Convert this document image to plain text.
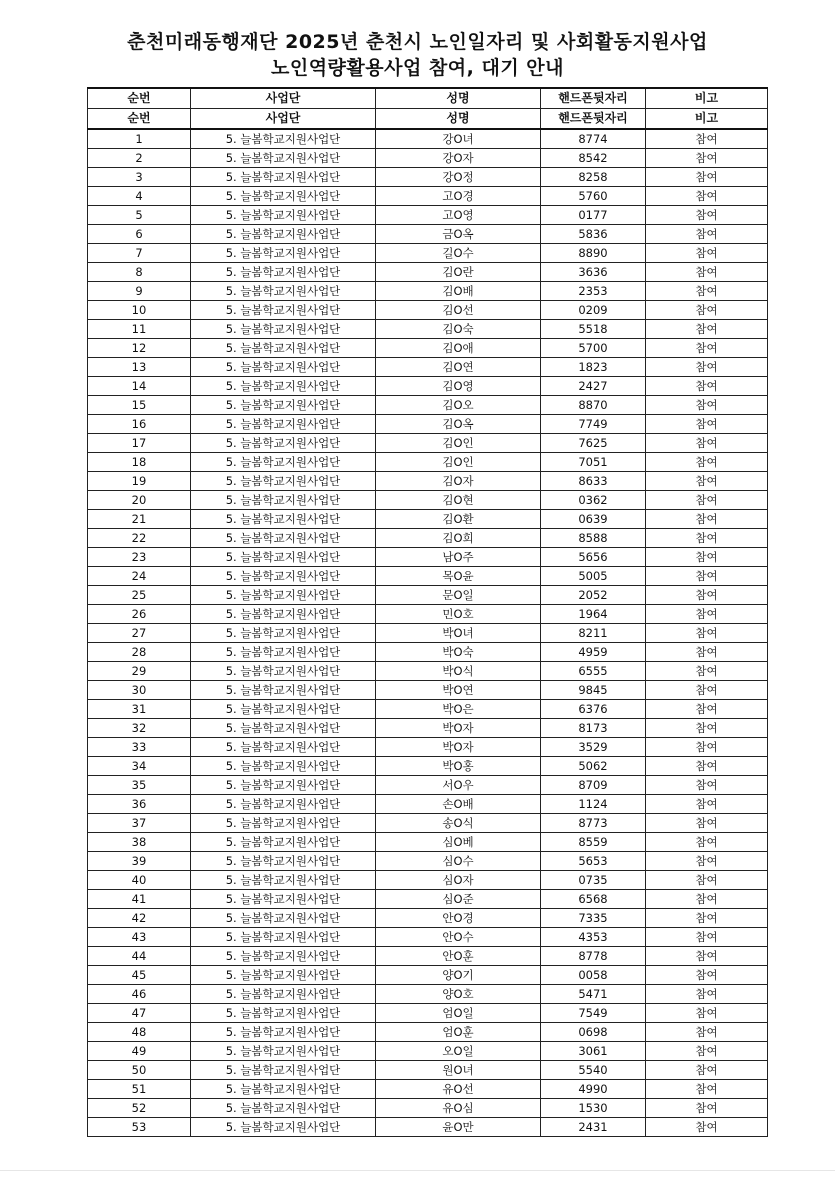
춘천미래동행재단 2025년 춘천시 노인일자리 및 사회활동지원사업
노인역량활용사업 참여, 대기 안내
순번	사업단	성명	핸드폰뒷자리	비고
순번	사업단	성명	핸드폰뒷자리	비고
1	5. 늘봄학교지원사업단	강O녀	8774	참여
2	5. 늘봄학교지원사업단	강O자	8542	참여
3	5. 늘봄학교지원사업단	강O정	8258	참여
4	5. 늘봄학교지원사업단	고O경	5760	참여
5	5. 늘봄학교지원사업단	고O영	0177	참여
6	5. 늘봄학교지원사업단	금O옥	5836	참여
7	5. 늘봄학교지원사업단	길O수	8890	참여
8	5. 늘봄학교지원사업단	김O란	3636	참여
9	5. 늘봄학교지원사업단	김O배	2353	참여
10	5. 늘봄학교지원사업단	김O선	0209	참여
11	5. 늘봄학교지원사업단	김O숙	5518	참여
12	5. 늘봄학교지원사업단	김O애	5700	참여
13	5. 늘봄학교지원사업단	김O연	1823	참여
14	5. 늘봄학교지원사업단	김O영	2427	참여
15	5. 늘봄학교지원사업단	김O오	8870	참여
16	5. 늘봄학교지원사업단	김O옥	7749	참여
17	5. 늘봄학교지원사업단	김O인	7625	참여
18	5. 늘봄학교지원사업단	김O인	7051	참여
19	5. 늘봄학교지원사업단	김O자	8633	참여
20	5. 늘봄학교지원사업단	김O현	0362	참여
21	5. 늘봄학교지원사업단	김O환	0639	참여
22	5. 늘봄학교지원사업단	김O희	8588	참여
23	5. 늘봄학교지원사업단	남O주	5656	참여
24	5. 늘봄학교지원사업단	목O윤	5005	참여
25	5. 늘봄학교지원사업단	문O일	2052	참여
26	5. 늘봄학교지원사업단	민O호	1964	참여
27	5. 늘봄학교지원사업단	박O녀	8211	참여
28	5. 늘봄학교지원사업단	박O숙	4959	참여
29	5. 늘봄학교지원사업단	박O식	6555	참여
30	5. 늘봄학교지원사업단	박O연	9845	참여
31	5. 늘봄학교지원사업단	박O은	6376	참여
32	5. 늘봄학교지원사업단	박O자	8173	참여
33	5. 늘봄학교지원사업단	박O자	3529	참여
34	5. 늘봄학교지원사업단	박O홍	5062	참여
35	5. 늘봄학교지원사업단	서O우	8709	참여
36	5. 늘봄학교지원사업단	손O배	1124	참여
37	5. 늘봄학교지원사업단	송O식	8773	참여
38	5. 늘봄학교지원사업단	심O베	8559	참여
39	5. 늘봄학교지원사업단	심O수	5653	참여
40	5. 늘봄학교지원사업단	심O자	0735	참여
41	5. 늘봄학교지원사업단	심O준	6568	참여
42	5. 늘봄학교지원사업단	안O경	7335	참여
43	5. 늘봄학교지원사업단	안O수	4353	참여
44	5. 늘봄학교지원사업단	안O훈	8778	참여
45	5. 늘봄학교지원사업단	양O기	0058	참여
46	5. 늘봄학교지원사업단	양O호	5471	참여
47	5. 늘봄학교지원사업단	엄O일	7549	참여
48	5. 늘봄학교지원사업단	엄O훈	0698	참여
49	5. 늘봄학교지원사업단	오O일	3061	참여
50	5. 늘봄학교지원사업단	원O녀	5540	참여
51	5. 늘봄학교지원사업단	유O선	4990	참여
52	5. 늘봄학교지원사업단	유O심	1530	참여
53	5. 늘봄학교지원사업단	윤O만	2431	참여
